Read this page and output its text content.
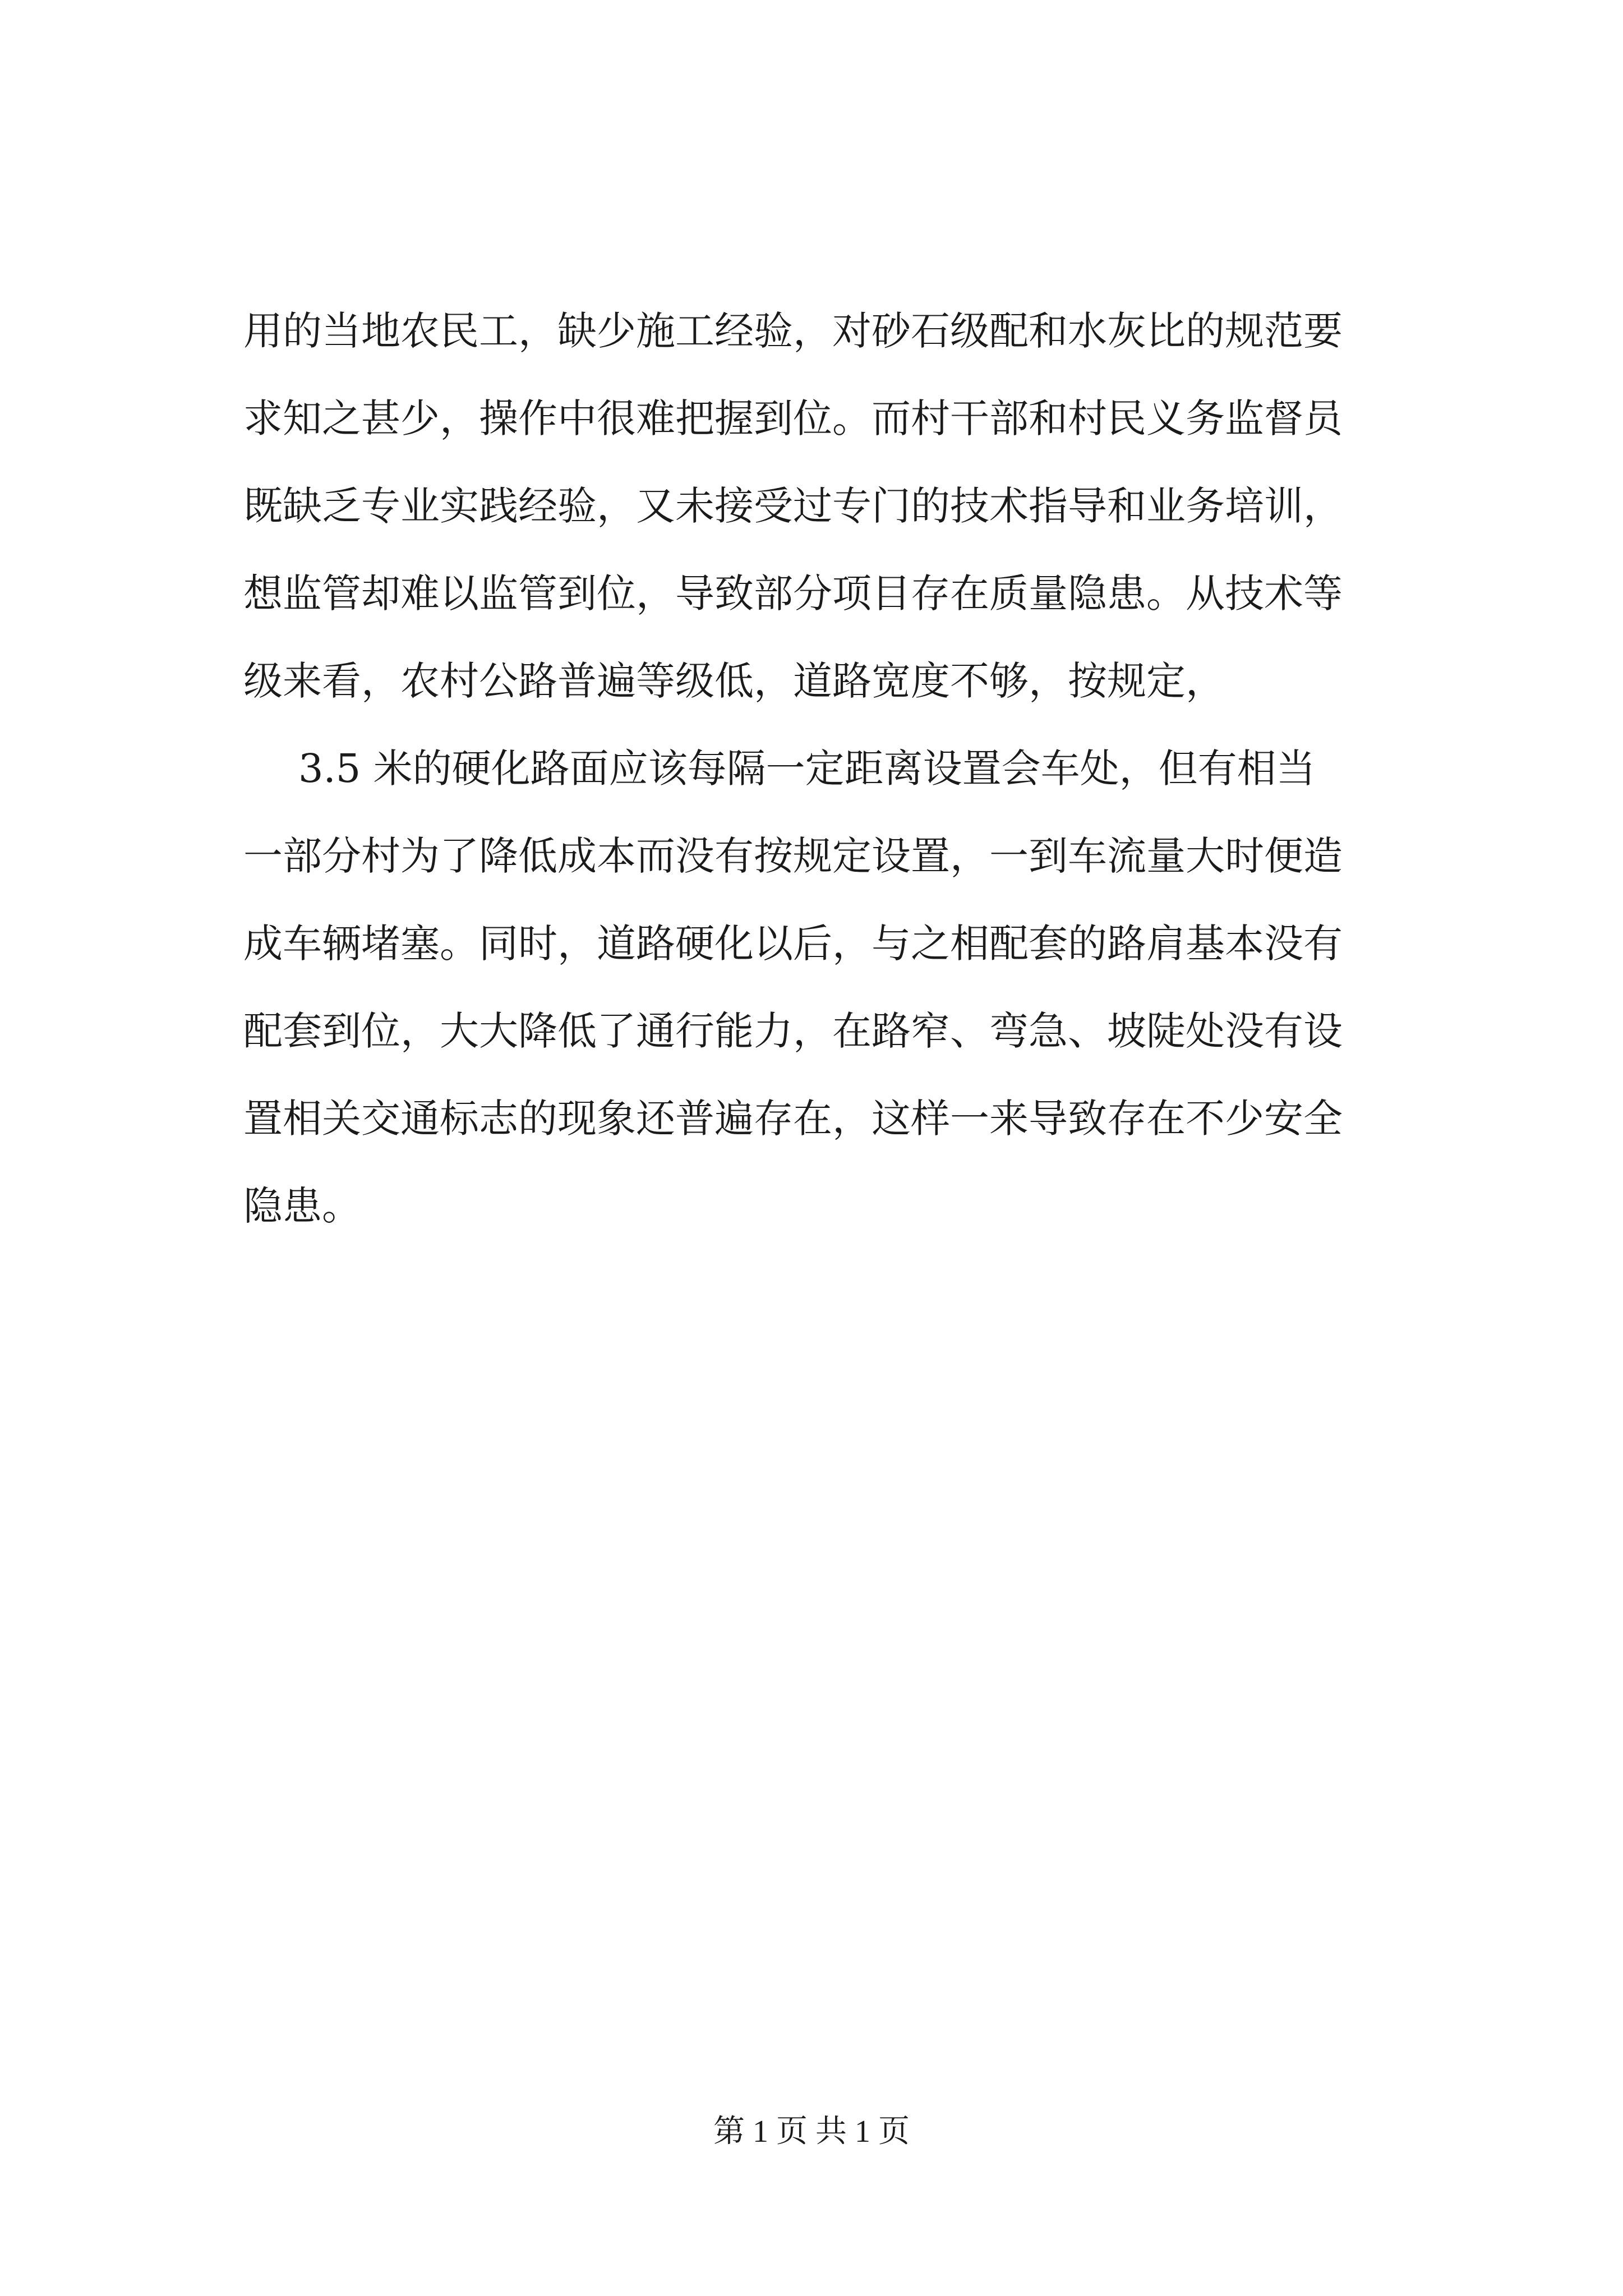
用的当地农民工，缺少施工经验，对砂石级配和水灰比的规范要

求知之甚少，操作中很难把握到位。而村干部和村民义务监督员

既缺乏专业实践经验，又未接受过专门的技术指导和业务培训，

想监管却难以监管到位，导致部分项目存在质量隐患。从技术等

级来看，农村公路普遍等级低，道路宽度不够，按规定，

3.5 米的硬化路面应该每隔一定距离设置会车处，但有相当

一部分村为了降低成本而没有按规定设置，一到车流量大时便造

成车辆堵塞。同时，道路硬化以后，与之相配套的路肩基本没有

配套到位，大大降低了通行能力，在路窄、弯急、坡陡处没有设

置相关交通标志的现象还普遍存在，这样一来导致存在不少安全

隐患。

第 1 页 共 1 页
